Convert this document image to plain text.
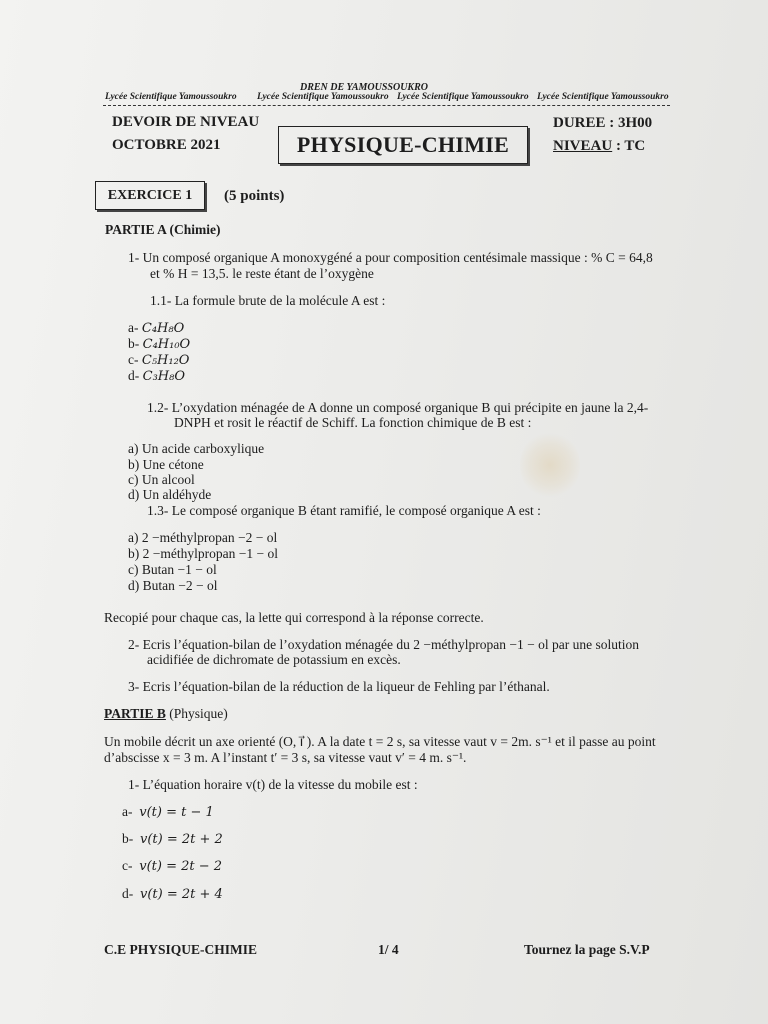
DREN DE YAMOUSSOUKRO
Lycée Scientifique Yamoussoukro Lycée Scientifique Yamoussoukro Lycée Scientifique Yamoussoukro Lycée Scientifique Yamoussoukro
DEVOIR DE NIVEAU
OCTOBRE 2021	PHYSIQUE-CHIMIE
DUREE : 3H00
NIVEAU : TC
EXERCICE 1 (5 points)
PARTIE A (Chimie)
1- Un composé organique A monoxygéné a pour composition centésimale massique : % C = 64,8
et % H = 13,5. le reste étant de l’oxygène
1.1- La formule brute de la molécule A est :
a- C₄H₈O
b- C₄H₁₀O
c- C₅H₁₂O
d- C₃H₈O
1.2- L’oxydation ménagée de A donne un composé organique B qui précipite en jaune la 2,4-
DNPH et rosit le réactif de Schiff. La fonction chimique de B est :
a) Un acide carboxylique
b) Une cétone
c) Un alcool
d) Un aldéhyde
1.3- Le composé organique B étant ramifié, le composé organique A est :
a) 2 −méthylpropan −2 − ol
b) 2 −méthylpropan −1 − ol
c) Butan −1 − ol
d) Butan −2 − ol
Recopié pour chaque cas, la lette qui correspond à la réponse correcte.
2- Ecris l’équation-bilan de l’oxydation ménagée du 2 −méthylpropan −1 − ol par une solution
acidifiée de dichromate de potassium en excès.
3- Ecris l’équation-bilan de la réduction de la liqueur de Fehling par l’éthanal.
PARTIE B (Physique)
Un mobile décrit un axe orienté (O, i⃗ ). A la date t = 2 s, sa vitesse vaut v = 2m. s⁻¹ et il passe au point
d’abscisse x = 3 m. A l’instant t′ = 3 s, sa vitesse vaut v′ = 4 m. s⁻¹.
1- L’équation horaire v(t) de la vitesse du mobile est :
a- v(t) = t − 1
b- v(t) = 2t + 2
c- v(t) = 2t − 2
d- v(t) = 2t + 4
C.E PHYSIQUE-CHIMIE	1/ 4	Tournez la page S.V.P
